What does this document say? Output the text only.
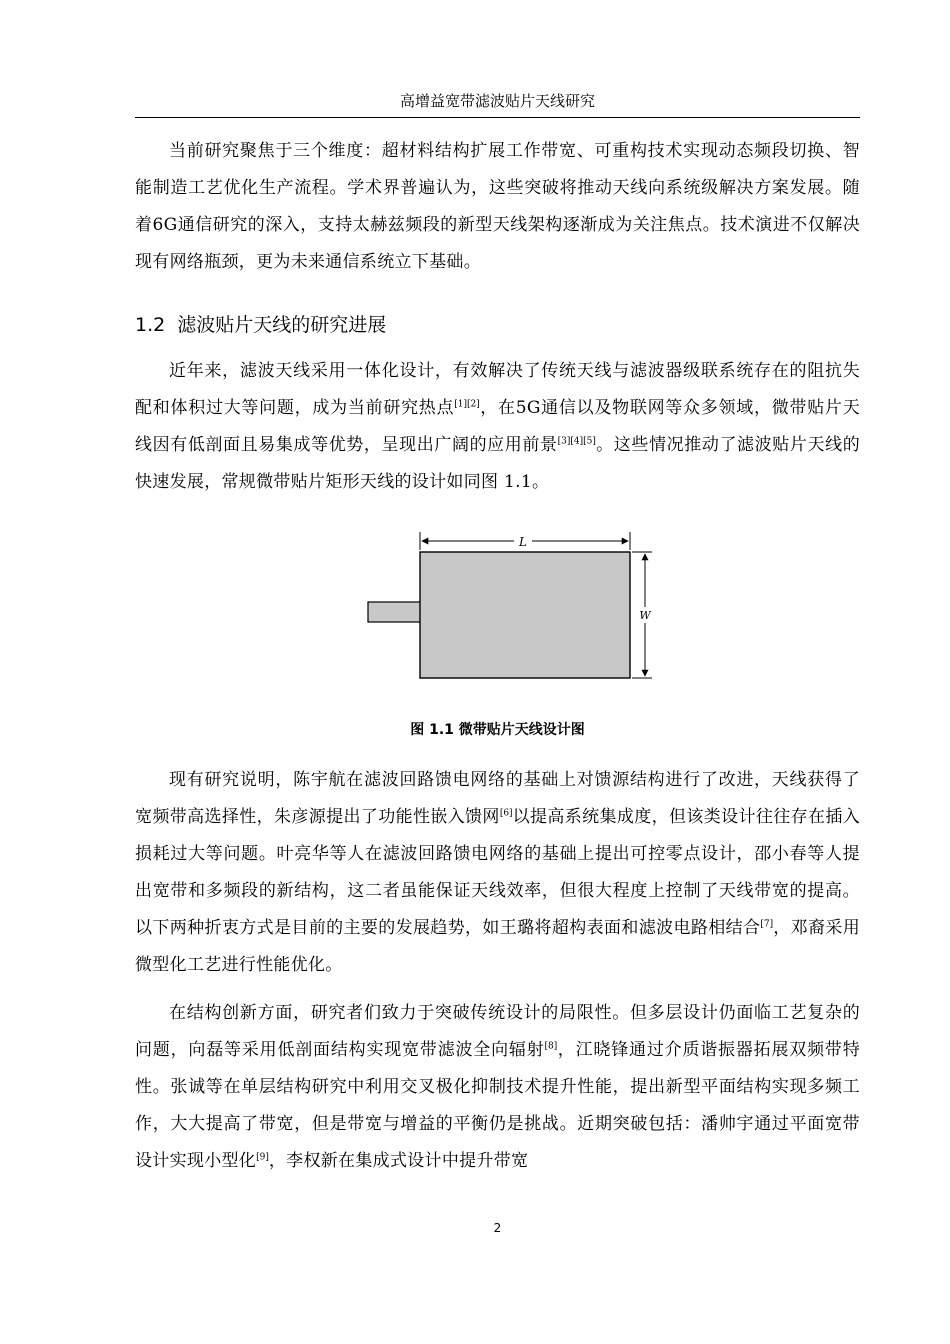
高增益宽带滤波贴片天线研究

当前研究聚焦于三个维度：超材料结构扩展工作带宽、可重构技术实现动态频段切换、智能制造工艺优化生产流程。学术界普遍认为，这些突破将推动天线向系统级解决方案发展。随着6G通信研究的深入，支持太赫兹频段的新型天线架构逐渐成为关注焦点。技术演进不仅解决现有网络瓶颈，更为未来通信系统立下基础。

1.2 滤波贴片天线的研究进展

近年来，滤波天线采用一体化设计，有效解决了传统天线与滤波器级联系统存在的阻抗失配和体积过大等问题，成为当前研究热点[1][2]，在5G通信以及物联网等众多领域，微带贴片天线因有低剖面且易集成等优势，呈现出广阔的应用前景[3][4][5]。这些情况推动了滤波贴片天线的快速发展，常规微带贴片矩形天线的设计如同图 1.1。

L
W
图 1.1 微带贴片天线设计图

现有研究说明，陈宇航在滤波回路馈电网络的基础上对馈源结构进行了改进，天线获得了宽频带高选择性，朱彦源提出了功能性嵌入馈网[6]以提高系统集成度，但该类设计往往存在插入损耗过大等问题。叶亮华等人在滤波回路馈电网络的基础上提出可控零点设计，邵小春等人提出宽带和多频段的新结构，这二者虽能保证天线效率，但很大程度上控制了天线带宽的提高。以下两种折衷方式是目前的主要的发展趋势，如王璐将超构表面和滤波电路相结合[7]，邓裔采用微型化工艺进行性能优化。

在结构创新方面，研究者们致力于突破传统设计的局限性。但多层设计仍面临工艺复杂的问题，向磊等采用低剖面结构实现宽带滤波全向辐射[8]，江晓锋通过介质谐振器拓展双频带特性。张诚等在单层结构研究中利用交叉极化抑制技术提升性能，提出新型平面结构实现多频工作，大大提高了带宽，但是带宽与增益的平衡仍是挑战。近期突破包括：潘帅宇通过平面宽带设计实现小型化[9]，李权新在集成式设计中提升带宽

2
